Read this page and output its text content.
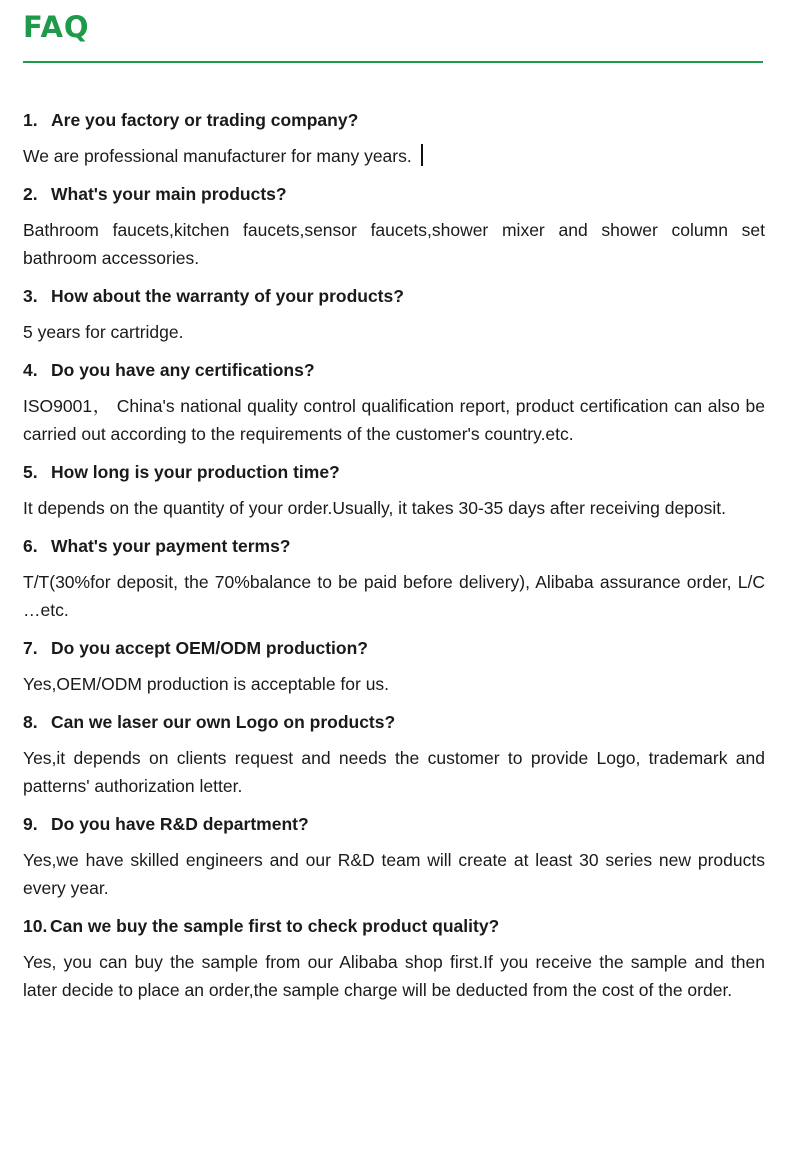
FAQ
1. Are you factory or trading company?
We are professional manufacturer for many years.
2. What's your main products?
Bathroom faucets,kitchen faucets,sensor faucets,shower mixer and shower column set bathroom accessories.
3. How about the warranty of your products?
5 years for cartridge.
4. Do you have any certifications?
ISO9001， China's national quality control qualification report, product certification can also be carried out according to the requirements of the customer's country.etc.
5. How long is your production time?
It depends on the quantity of your order.Usually, it takes 30-35 days after receiving deposit.
6. What's your payment terms?
T/T(30%for deposit, the 70%balance to be paid before delivery), Alibaba assurance order, L/C …etc.
7. Do you accept OEM/ODM production?
Yes,OEM/ODM production is acceptable for us.
8. Can we laser our own Logo on products?
Yes,it depends on clients request and needs the customer to provide Logo, trademark and patterns' authorization letter.
9. Do you have R&D department?
Yes,we have skilled engineers and our R&D team will create at least 30 series new products every year.
10. Can we buy the sample first to check product quality?
Yes, you can buy the sample from our Alibaba shop first.If you receive the sample and then later decide to place an order,the sample charge will be deducted from the cost of the order.
